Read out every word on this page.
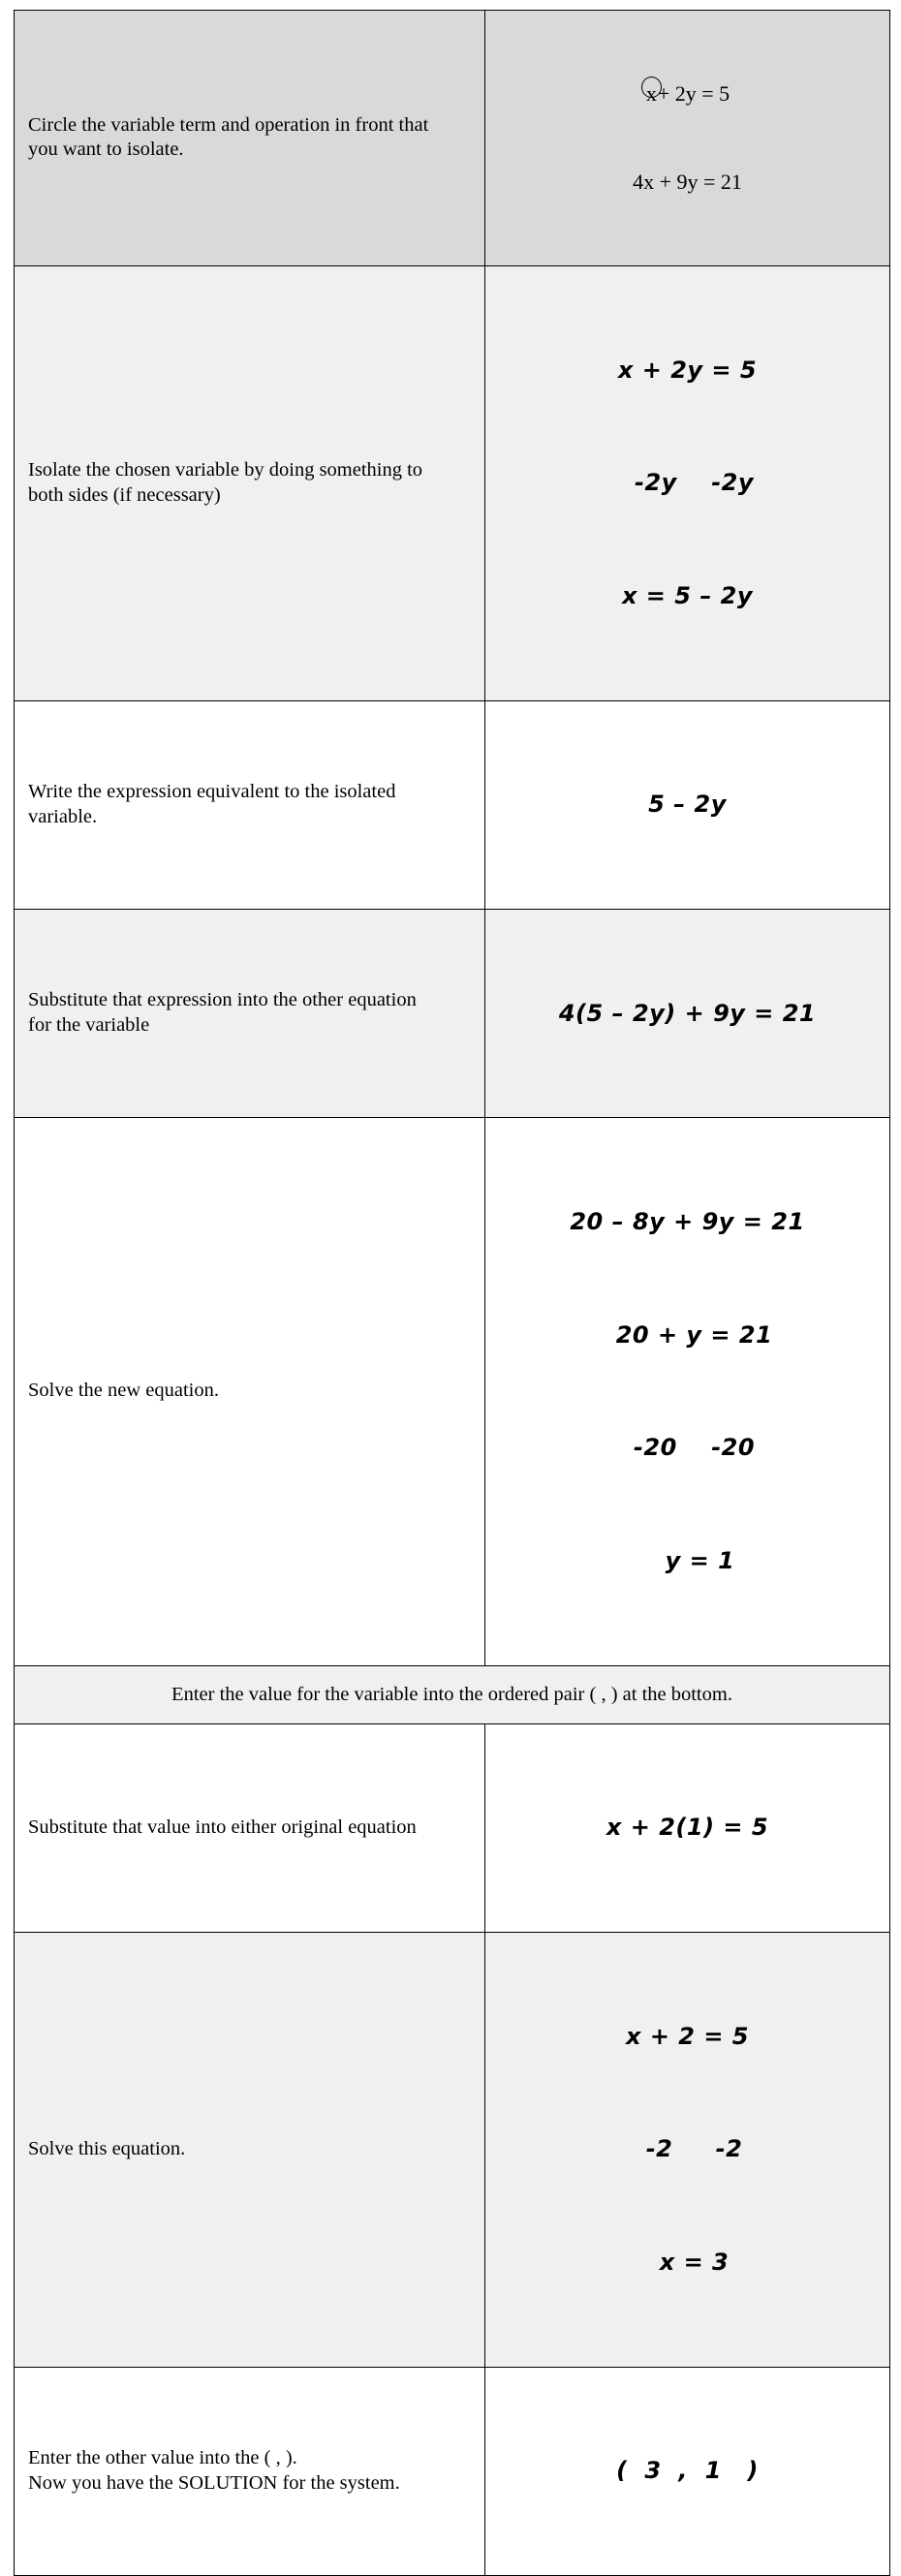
Circle the variable term and operation in front that
you want to isolate.	x+ 2y = 5

4x + 9y = 21

Isolate the chosen variable by doing something to
both sides (if necessary)	x + 2y = 5

-2y    -2y

x = 5 – 2y

Write the expression equivalent to the isolated
variable.	5 – 2y

Substitute that expression into the other equation
for the variable	4(5 – 2y) + 9y = 21

Solve the new equation.	20 – 8y + 9y = 21

20 + y = 21

-20    -20

y = 1

Enter the value for the variable into the ordered pair ( , ) at the bottom.	

Substitute that value into either original equation	x + 2(1) = 5

Solve this equation.	x + 2 = 5

-2     -2

x = 3

Enter the other value into the ( , ).
Now you have the SOLUTION for the system.	(  3  ,  1   )
